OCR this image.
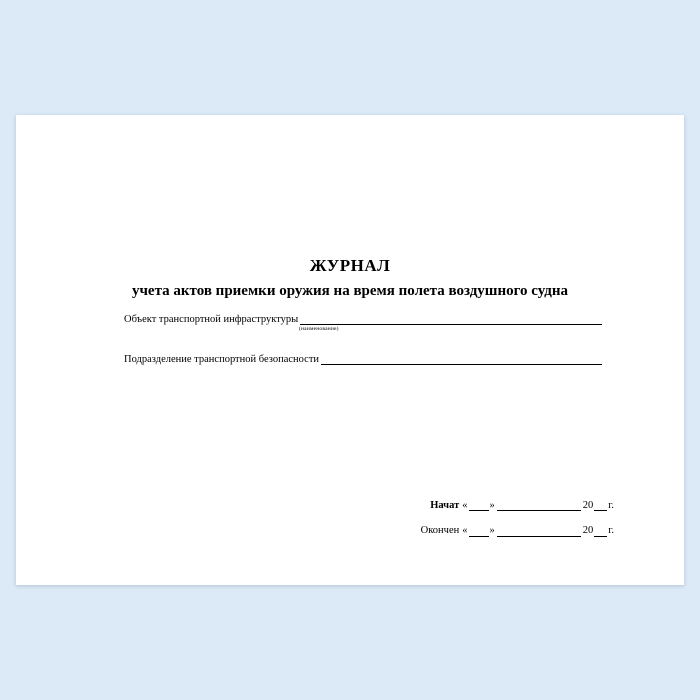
ЖУРНАЛ
учета актов приемки оружия на время полета воздушного судна
Объект транспортной инфраструктуры
(наименование)
Подразделение транспортной безопасности
Начат « »	20 г.
Окончен « »	20 г.
